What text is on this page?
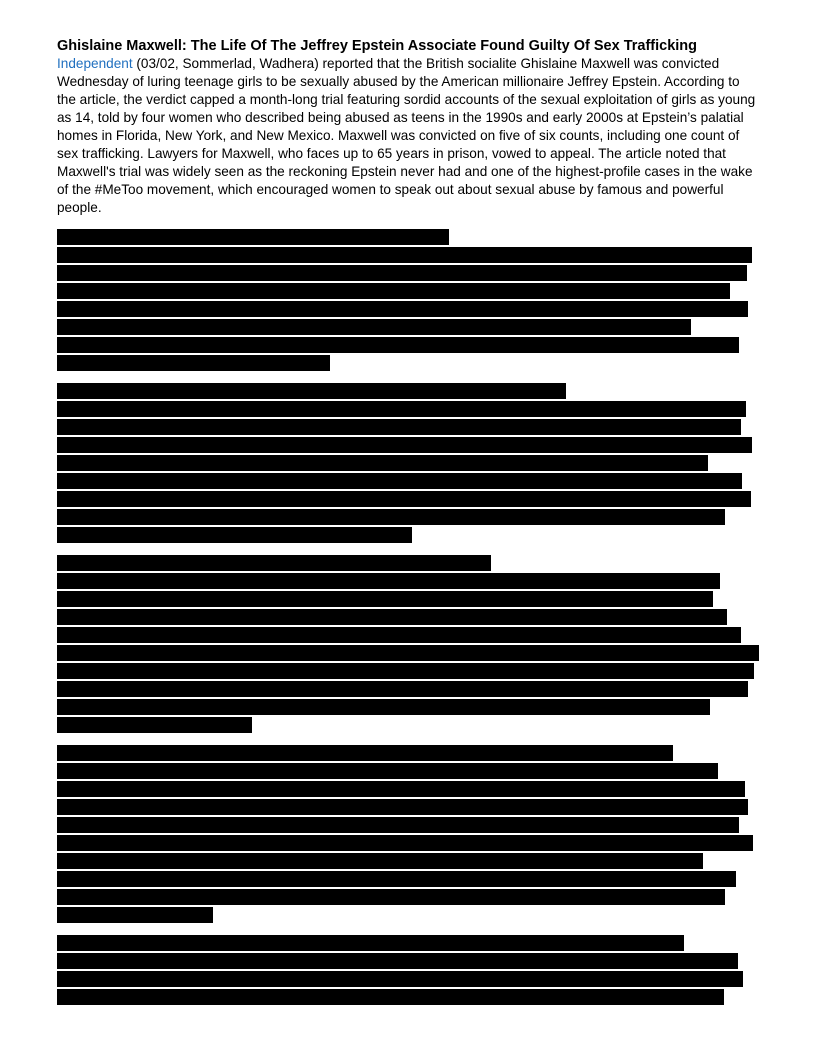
Ghislaine Maxwell: The Life Of The Jeffrey Epstein Associate Found Guilty Of Sex Trafficking

Independent (03/02, Sommerlad, Wadhera) reported that the British socialite Ghislaine Maxwell was convicted Wednesday of luring teenage girls to be sexually abused by the American millionaire Jeffrey Epstein. According to the article, the verdict capped a month-long trial featuring sordid accounts of the sexual exploitation of girls as young as 14, told by four women who described being abused as teens in the 1990s and early 2000s at Epstein’s palatial homes in Florida, New York, and New Mexico. Maxwell was convicted on five of six counts, including one count of sex trafficking. Lawyers for Maxwell, who faces up to 65 years in prison, vowed to appeal. The article noted that Maxwell's trial was widely seen as the reckoning Epstein never had and one of the highest-profile cases in the wake of the #MeToo movement, which encouraged women to speak out about sexual abuse by famous and powerful people.
